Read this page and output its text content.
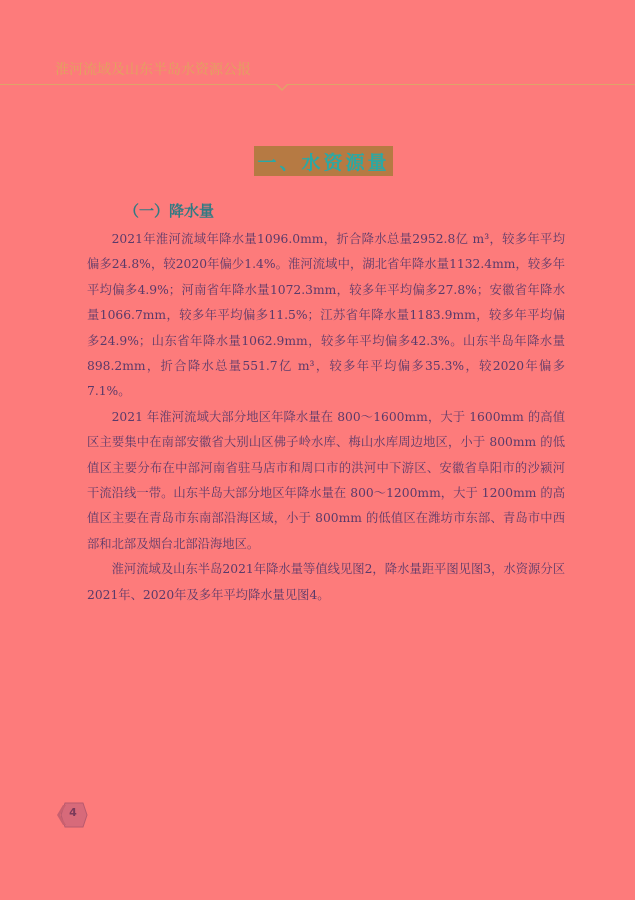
淮河流域及山东半岛水资源公报
一、水资源量
（一）降水量

2021年淮河流域年降水量1096.0mm，折合降水总量2952.8亿 m³，较多年平均偏多24.8%，较2020年偏少1.4%。淮河流域中，湖北省年降水量1132.4mm，较多年平均偏多4.9%；河南省年降水量1072.3mm，较多年平均偏多27.8%；安徽省年降水量1066.7mm，较多年平均偏多11.5%；江苏省年降水量1183.9mm，较多年平均偏多24.9%；山东省年降水量1062.9mm，较多年平均偏多42.3%。山东半岛年降水量898.2mm，折合降水总量551.7亿 m³，较多年平均偏多35.3%，较2020年偏多7.1%。

2021 年淮河流域大部分地区年降水量在 800～1600mm，大于 1600mm 的高值区主要集中在南部安徽省大别山区佛子岭水库、梅山水库周边地区，小于 800mm 的低值区主要分布在中部河南省驻马店市和周口市的洪河中下游区、安徽省阜阳市的沙颍河干流沿线一带。山东半岛大部分地区年降水量在 800～1200mm，大于 1200mm 的高值区主要在青岛市东南部沿海区域，小于 800mm 的低值区在潍坊市东部、青岛市中西部和北部及烟台北部沿海地区。

淮河流域及山东半岛2021年降水量等值线见图2，降水量距平图见图3，水资源分区2021年、2020年及多年平均降水量见图4。

4
